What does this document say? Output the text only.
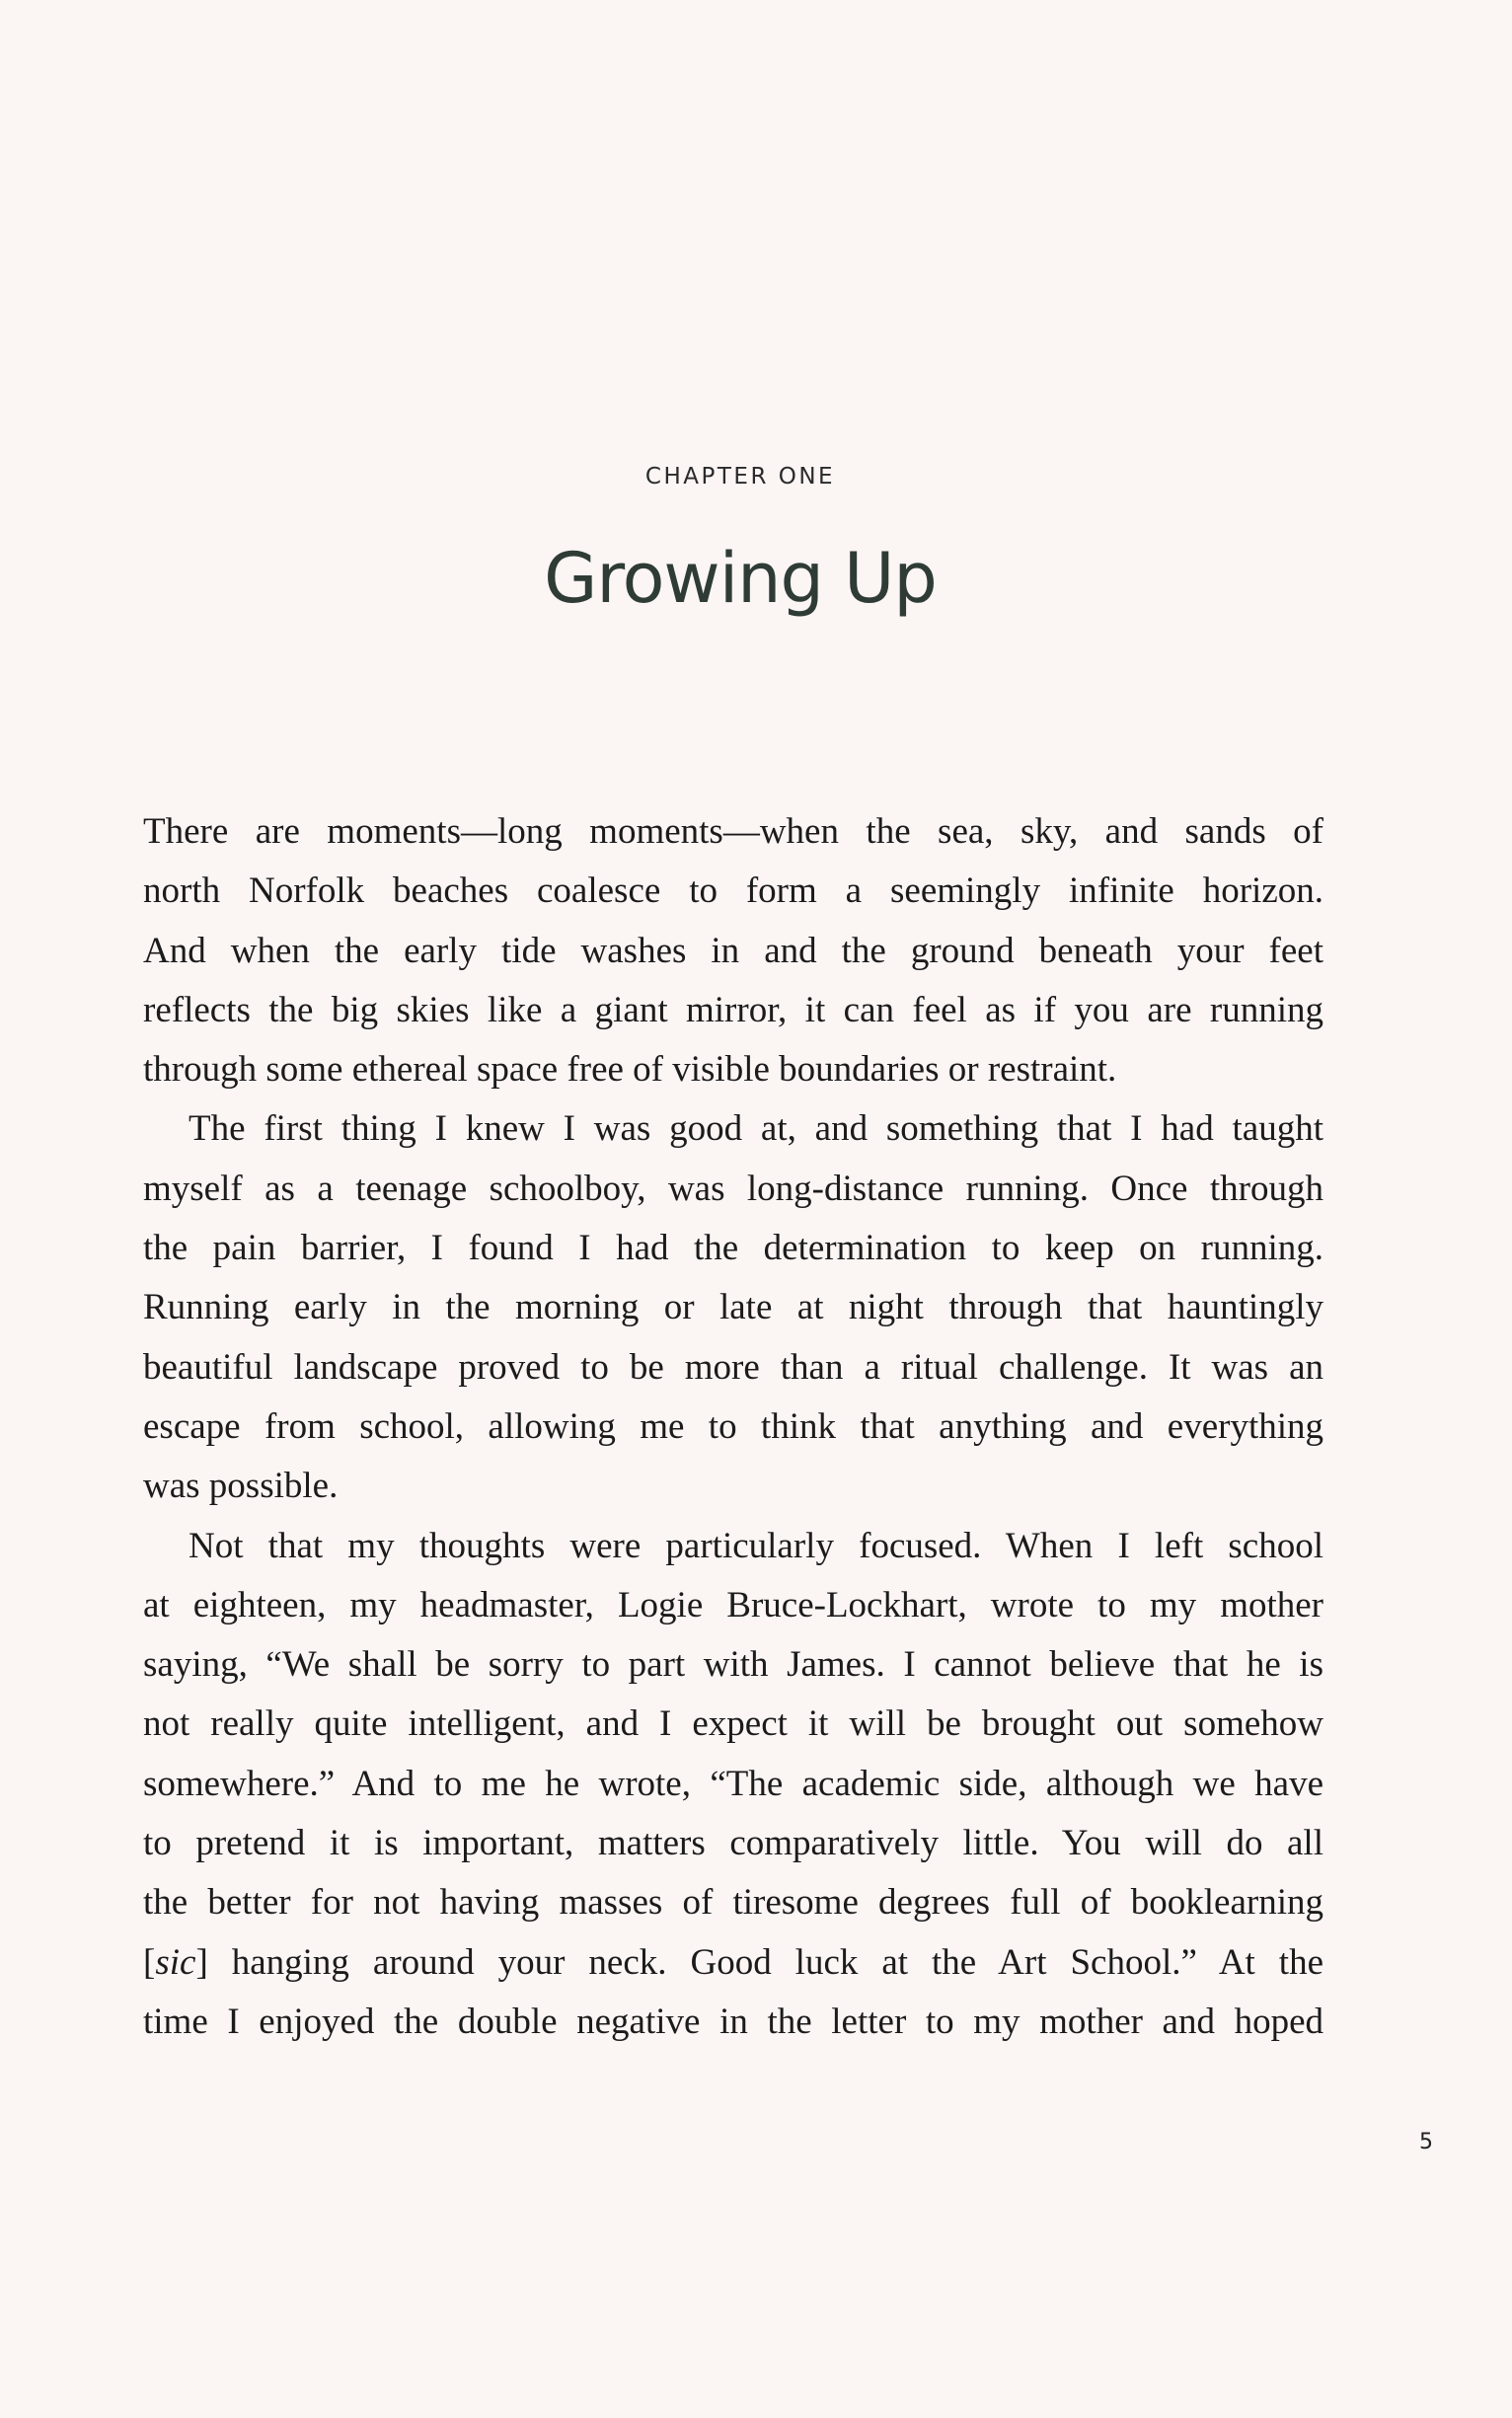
CHAPTER ONE
Growing Up
There are moments—long moments—when the sea, sky, and sands of
north Norfolk beaches coalesce to form a seemingly infinite horizon.
And when the early tide washes in and the ground beneath your feet
reflects the big skies like a giant mirror, it can feel as if you are running
through some ethereal space free of visible boundaries or restraint.
The first thing I knew I was good at, and something that I had taught
myself as a teenage schoolboy, was long-distance running. Once through
the pain barrier, I found I had the determination to keep on running.
Running early in the morning or late at night through that hauntingly
beautiful landscape proved to be more than a ritual challenge. It was an
escape from school, allowing me to think that anything and everything
was possible.
Not that my thoughts were particularly focused. When I left school
at eighteen, my headmaster, Logie Bruce-Lockhart, wrote to my mother
saying, “We shall be sorry to part with James. I cannot believe that he is
not really quite intelligent, and I expect it will be brought out somehow
somewhere.” And to me he wrote, “The academic side, although we have
to pretend it is important, matters comparatively little. You will do all
the better for not having masses of tiresome degrees full of booklearning
[sic] hanging around your neck. Good luck at the Art School.” At the
time I enjoyed the double negative in the letter to my mother and hoped
5
